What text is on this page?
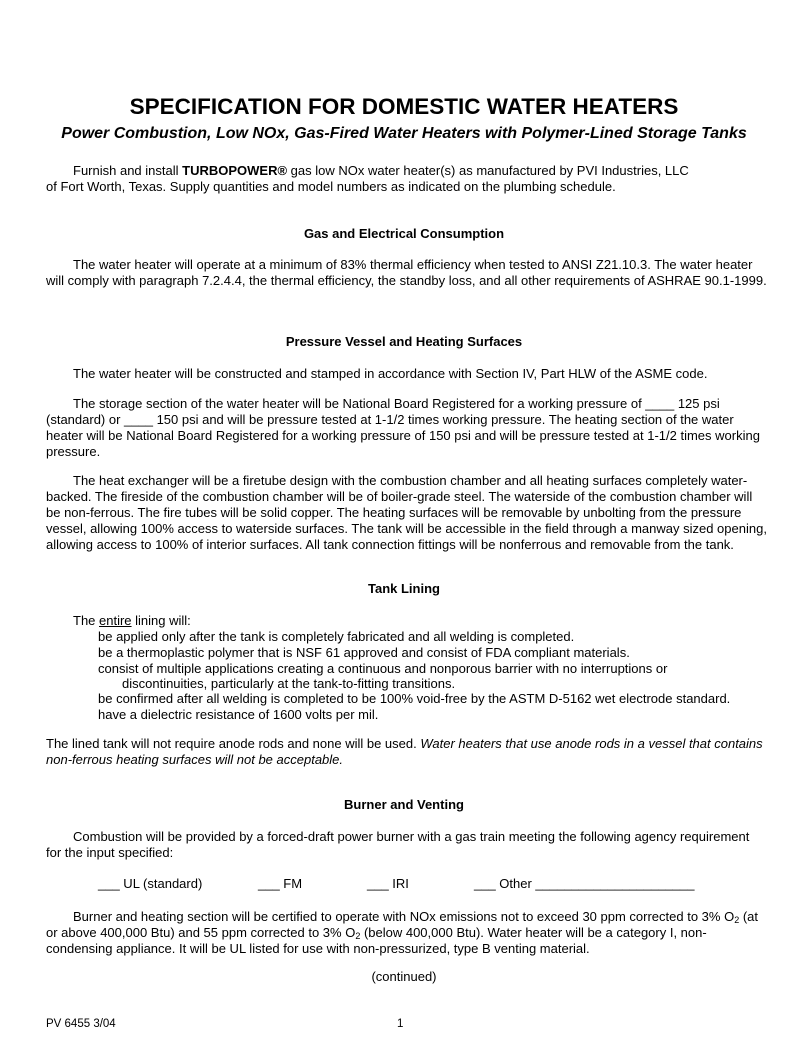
SPECIFICATION FOR DOMESTIC WATER HEATERS
Power Combustion, Low NOx, Gas-Fired Water Heaters with Polymer-Lined Storage Tanks
Furnish and install TURBOPOWER® gas low NOx water heater(s) as manufactured by PVI Industries, LLC
of Fort Worth, Texas. Supply quantities and model numbers as indicated on the plumbing schedule.
Gas and Electrical Consumption
The water heater will operate at a minimum of 83% thermal efficiency when tested to ANSI Z21.10.3. The water heater will comply with paragraph 7.2.4.4, the thermal efficiency, the standby loss, and all other requirements of ASHRAE 90.1-1999.
Pressure Vessel and Heating Surfaces
The water heater will be constructed and stamped in accordance with Section IV, Part HLW of the ASME code.
The storage section of the water heater will be National Board Registered for a working pressure of ____ 125 psi (standard) or ____ 150 psi and will be pressure tested at 1-1/2 times working pressure. The heating section of the water heater will be National Board Registered for a working pressure of 150 psi and will be pressure tested at 1-1/2 times working pressure.
The heat exchanger will be a firetube design with the combustion chamber and all heating surfaces completely water-backed. The fireside of the combustion chamber will be of boiler-grade steel. The waterside of the combustion chamber will be non-ferrous. The fire tubes will be solid copper. The heating surfaces will be removable by unbolting from the pressure vessel, allowing 100% access to waterside surfaces. The tank will be accessible in the field through a manway sized opening, allowing access to 100% of interior surfaces. All tank connection fittings will be nonferrous and removable from the tank.
Tank Lining
The entire lining will:
be applied only after the tank is completely fabricated and all welding is completed.
be a thermoplastic polymer that is NSF 61 approved and consist of FDA compliant materials.
consist of multiple applications creating a continuous and nonporous barrier with no interruptions or
discontinuities, particularly at the tank-to-fitting transitions.
be confirmed after all welding is completed to be 100% void-free by the ASTM D-5162 wet electrode standard.
have a dielectric resistance of 1600 volts per mil.
The lined tank will not require anode rods and none will be used. Water heaters that use anode rods in a vessel that contains non-ferrous heating surfaces will not be acceptable.
Burner and Venting
Combustion will be provided by a forced-draft power burner with a gas train meeting the following agency requirement for the input specified:
___ UL (standard)	___ FM	___ IRI	___ Other ______________________
Burner and heating section will be certified to operate with NOx emissions not to exceed 30 ppm corrected to 3% $O_2$ (at or above 400,000 Btu) and 55 ppm corrected to 3% $O_2$ (below 400,000 Btu). Water heater will be a category I, non-condensing appliance. It will be UL listed for use with non-pressurized, type B venting material.
(continued)
PV 6455 3/04	1
